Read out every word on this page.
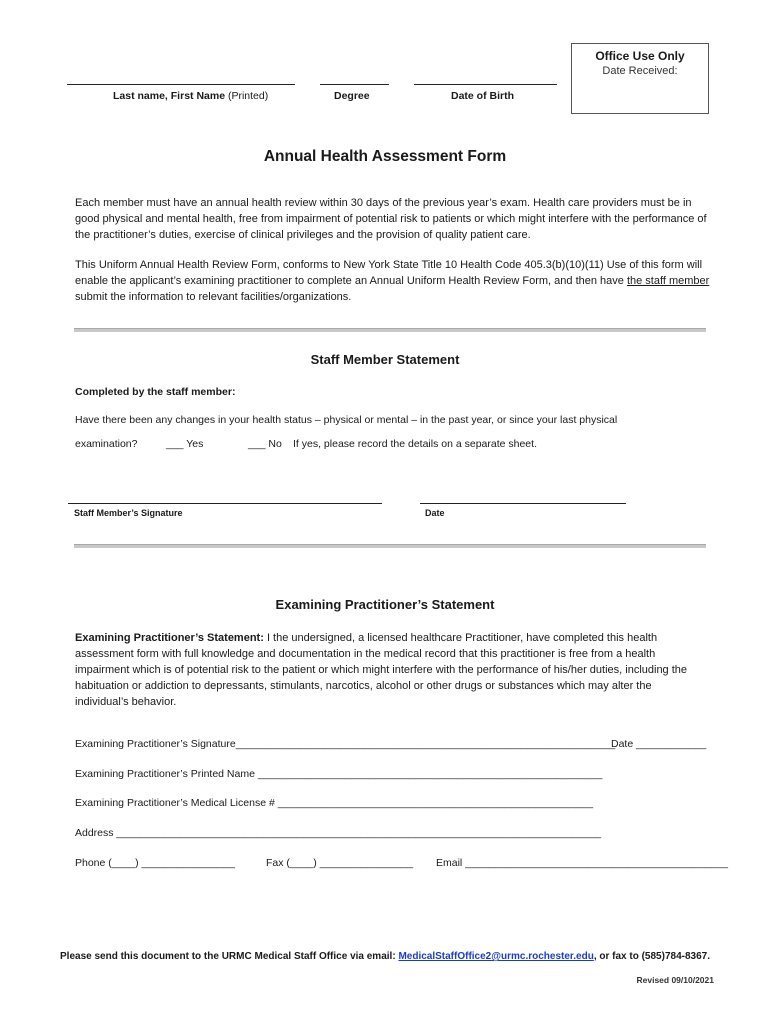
Last name, First Name (Printed)	Degree	Date of Birth
Office Use Only
Date Received:
Annual Health Assessment Form
Each member must have an annual health review within 30 days of the previous year’s exam. Health care providers must be in good physical and mental health, free from impairment of potential risk to patients or which might interfere with the performance of the practitioner’s duties, exercise of clinical privileges and the provision of quality patient care.
This Uniform Annual Health Review Form, conforms to New York State Title 10 Health Code 405.3(b)(10)(11) Use of this form will enable the applicant’s examining practitioner to complete an Annual Uniform Health Review Form, and then have the staff member submit the information to relevant facilities/organizations.
Staff Member Statement
Completed by the staff member:
Have there been any changes in your health status – physical or mental – in the past year, or since your last physical
examination?	___ Yes	___ No If yes, please record the details on a separate sheet.
Staff Member’s Signature	Date
Examining Practitioner’s Statement
Examining Practitioner’s Statement: I the undersigned, a licensed healthcare Practitioner, have completed this health assessment form with full knowledge and documentation in the medical record that this practitioner is free from a health impairment which is of potential risk to the patient or which might interfere with the performance of his/her duties, including the habituation or addiction to depressants, stimulants, narcotics, alcohol or other drugs or substances which may alter the individual’s behavior.
Examining Practitioner’s Signature_________________________________________________________________
Date ____________
Examining Practitioner’s Printed Name ___________________________________________________________
Examining Practitioner’s Medical License # ______________________________________________________
Address ___________________________________________________________________________________
Phone (____) ________________	Fax (____) ________________ Email _____________________________________________
Please send this document to the URMC Medical Staff Office via email: MedicalStaffOffice2@urmc.rochester.edu, or fax to (585)784-8367.
Revised 09/10/2021
